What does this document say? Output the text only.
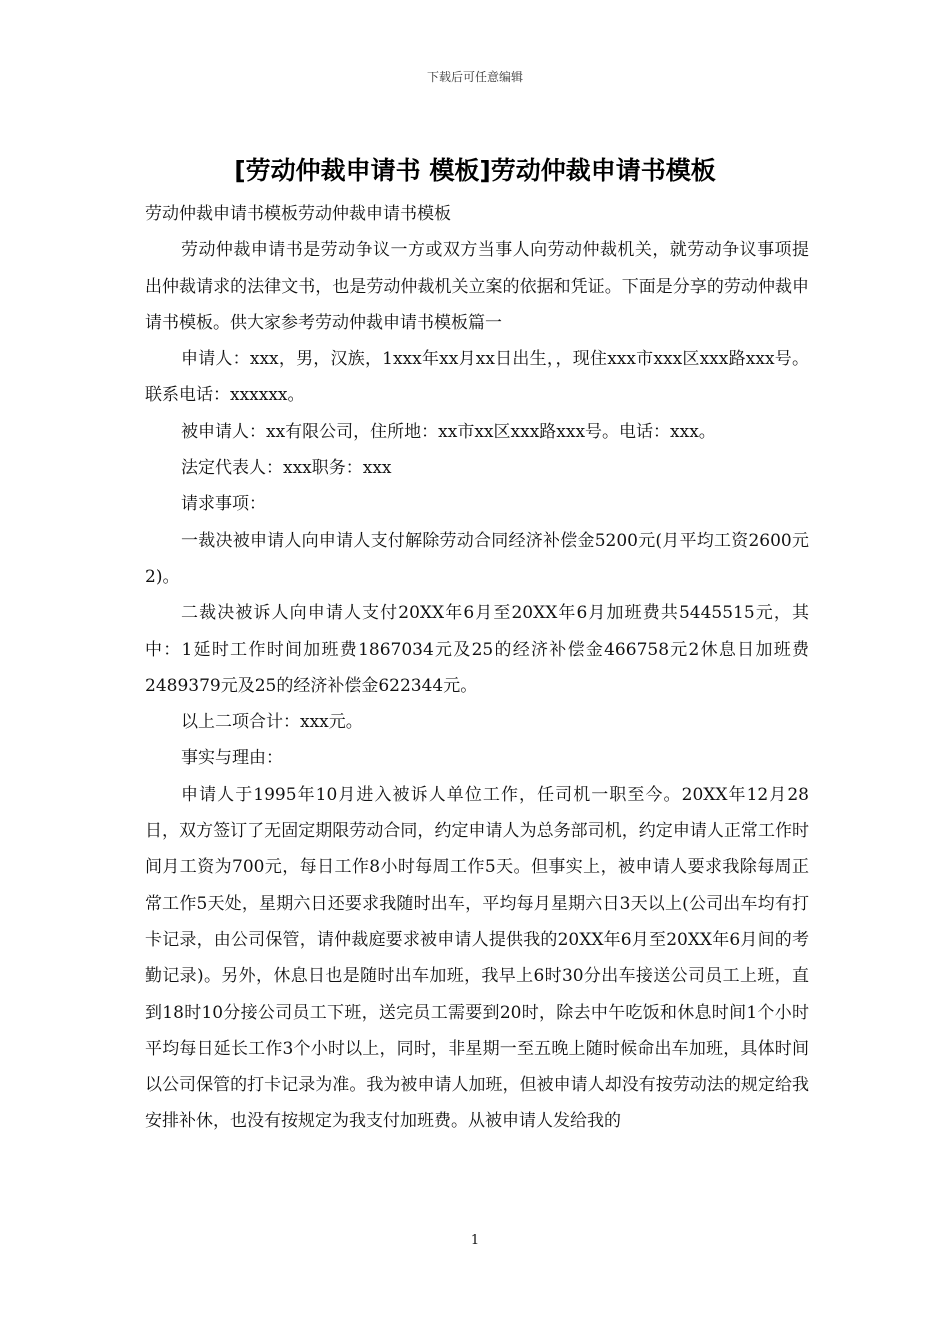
下载后可任意编辑
[劳动仲裁申请书 模板]劳动仲裁申请书模板

劳动仲裁申请书模板劳动仲裁申请书模板

劳动仲裁申请书是劳动争议一方或双方当事人向劳动仲裁机关，就劳动争议事项提出仲裁请求的法律文书，也是劳动仲裁机关立案的依据和凭证。下面是分享的劳动仲裁申请书模板。供大家参考劳动仲裁申请书模板篇一

申请人：xxx，男，汉族，1xxx年xx月xx日出生，，现住xxx市xxx区xxx路xxx号。联系电话：xxxxxx。

被申请人：xx有限公司，住所地：xx市xx区xxx路xxx号。电话：xxx。

法定代表人：xxx职务：xxx

请求事项：

一裁决被申请人向申请人支付解除劳动合同经济补偿金5200元(月平均工资2600元2)。

二裁决被诉人向申请人支付20XX年6月至20XX年6月加班费共5445515元，其中：1延时工作时间加班费1867034元及25的经济补偿金466758元2休息日加班费2489379元及25的经济补偿金622344元。

以上二项合计：xxx元。

事实与理由：

申请人于1995年10月进入被诉人单位工作，任司机一职至今。20XX年12月28日，双方签订了无固定期限劳动合同，约定申请人为总务部司机，约定申请人正常工作时间月工资为700元，每日工作8小时每周工作5天。但事实上，被申请人要求我除每周正常工作5天处，星期六日还要求我随时出车，平均每月星期六日3天以上(公司出车均有打卡记录，由公司保管，请仲裁庭要求被申请人提供我的20XX年6月至20XX年6月间的考勤记录)。另外，休息日也是随时出车加班，我早上6时30分出车接送公司员工上班，直到18时10分接公司员工下班，送完员工需要到20时，除去中午吃饭和休息时间1个小时平均每日延长工作3个小时以上，同时，非星期一至五晚上随时候命出车加班，具体时间以公司保管的打卡记录为准。我为被申请人加班，但被申请人却没有按劳动法的规定给我安排补休，也没有按规定为我支付加班费。从被申请人发给我的

1
